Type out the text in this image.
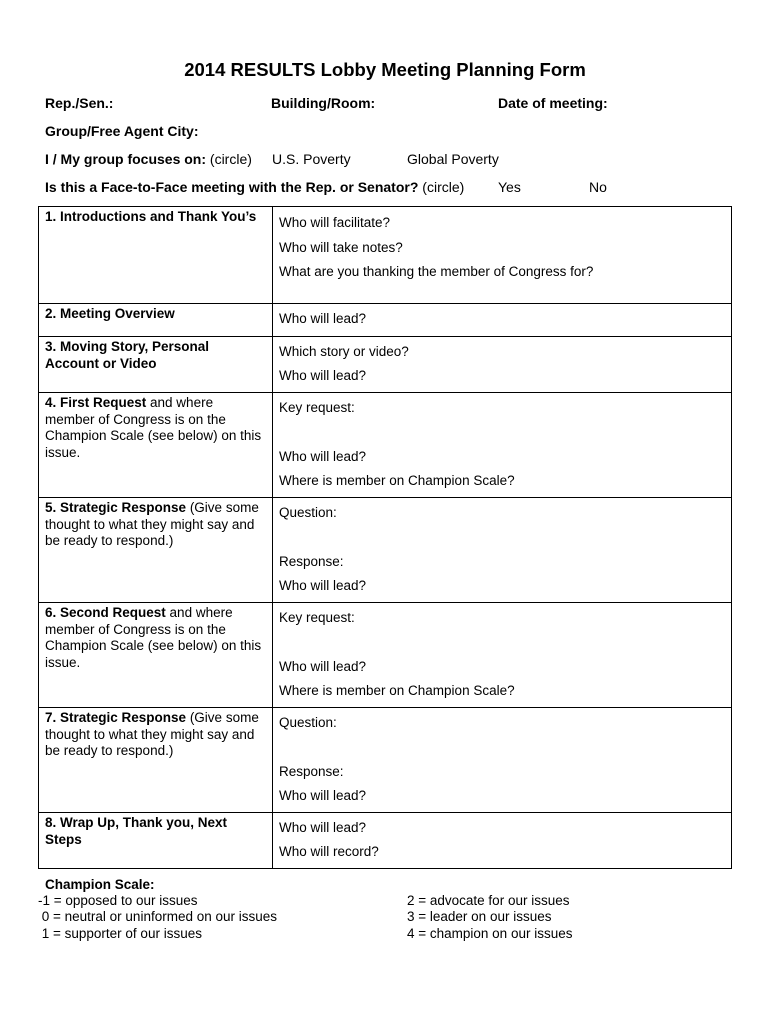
2014 RESULTS Lobby Meeting Planning Form
Rep./Sen.:	Building/Room:	Date of meeting:
Group/Free Agent City:
I / My group focuses on: (circle) U.S. Poverty	Global Poverty
Is this a Face-to-Face meeting with the Rep. or Senator? (circle) Yes	No
1. Introductions and Thank You’s	Who will facilitate?
Who will take notes?
What are you thanking the member of Congress for?

2. Meeting Overview	Who will lead?

3. Moving Story, Personal Account or Video	Which story or video?
Who will lead?

4. First Request and where member of Congress is on the Champion Scale (see below) on this issue.	Key request:
Who will lead?
Where is member on Champion Scale?

5. Strategic Response (Give some thought to what they might say and be ready to respond.)	Question:
Response:
Who will lead?

6. Second Request and where member of Congress is on the Champion Scale (see below) on this issue.	Key request:
Who will lead?
Where is member on Champion Scale?

7. Strategic Response (Give some thought to what they might say and be ready to respond.)	Question:
Response:
Who will lead?

8. Wrap Up, Thank you, Next Steps	Who will lead?
Who will record?
Champion Scale:
-1 = opposed to our issues
0 = neutral or uninformed on our issues
1 = supporter of our issues
2 = advocate for our issues
3 = leader on our issues
4 = champion on our issues
